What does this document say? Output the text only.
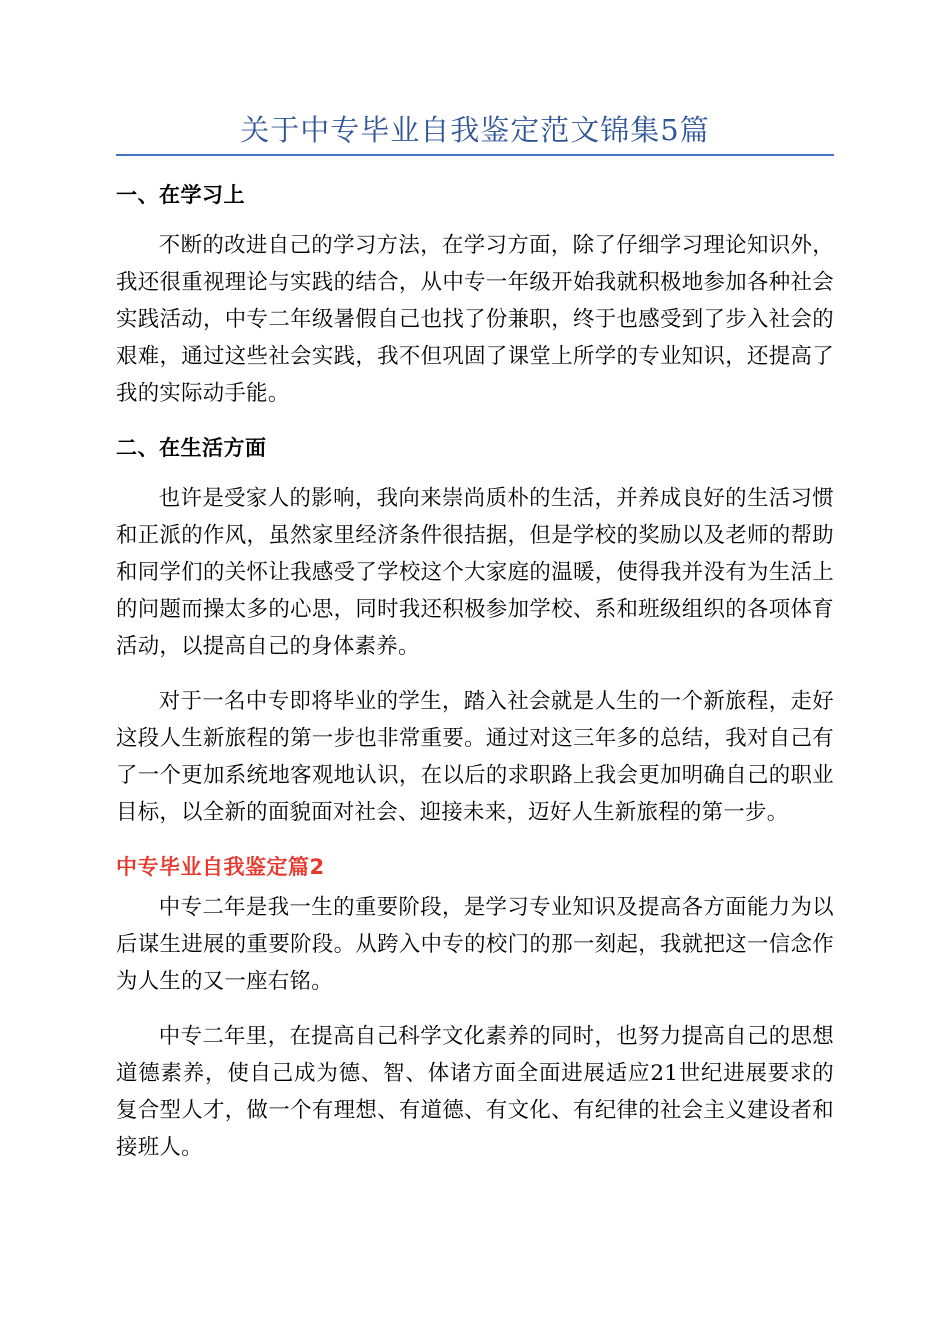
关于中专毕业自我鉴定范文锦集5篇
一、在学习上

不断的改进自己的学习方法，在学习方面，除了仔细学习理论知识外，我还很重视理论与实践的结合，从中专一年级开始我就积极地参加各种社会实践活动，中专二年级暑假自己也找了份兼职，终于也感受到了步入社会的艰难，通过这些社会实践，我不但巩固了课堂上所学的专业知识，还提高了我的实际动手能。

二、在生活方面

也许是受家人的影响，我向来崇尚质朴的生活，并养成良好的生活习惯和正派的作风，虽然家里经济条件很拮据，但是学校的奖励以及老师的帮助和同学们的关怀让我感受了学校这个大家庭的温暖，使得我并没有为生活上的问题而操太多的心思，同时我还积极参加学校、系和班级组织的各项体育活动，以提高自己的身体素养。

对于一名中专即将毕业的学生，踏入社会就是人生的一个新旅程，走好这段人生新旅程的第一步也非常重要。通过对这三年多的总结，我对自己有了一个更加系统地客观地认识，在以后的求职路上我会更加明确自己的职业目标，以全新的面貌面对社会、迎接未来，迈好人生新旅程的第一步。

中专毕业自我鉴定篇2

中专二年是我一生的重要阶段，是学习专业知识及提高各方面能力为以后谋生进展的重要阶段。从跨入中专的校门的那一刻起，我就把这一信念作为人生的又一座右铭。

中专二年里，在提高自己科学文化素养的同时，也努力提高自己的思想道德素养，使自己成为德、智、体诸方面全面进展适应21世纪进展要求的复合型人才，做一个有理想、有道德、有文化、有纪律的社会主义建设者和接班人。
